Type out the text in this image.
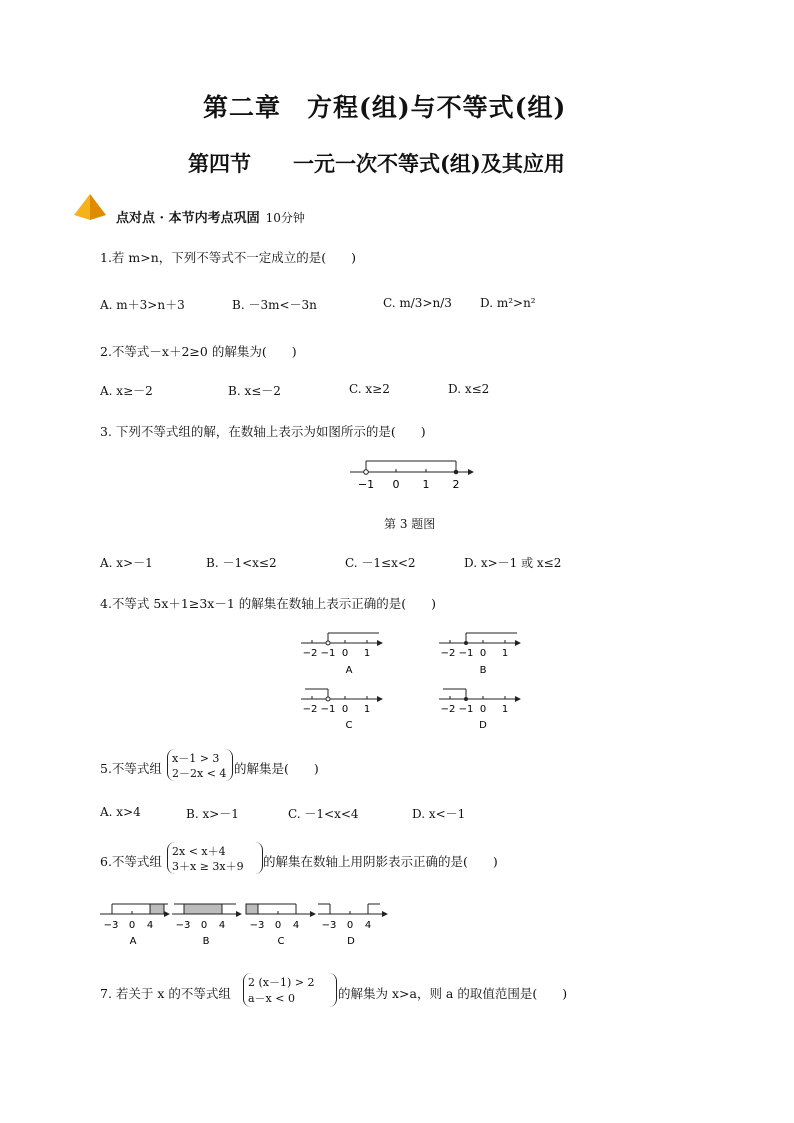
第二章　方程(组)与不等式(组)
第四节　　一元一次不等式(组)及其应用
点对点 · 本节内考点巩固 10分钟
1.若 m>n，下列不等式不一定成立的是(　　)
A. m＋3>n＋3	B. －3m<－3n	C. m/3>n/3 D. m²>n²
2.不等式－x＋2≥0 的解集为(　　)
A. x≥－2	B. x≤－2	C. x≥2	D. x≤2
3. 下列不等式组的解，在数轴上表示为如图所示的是(　　)
−1 0 1 2
第 3 题图
A. x>－1	B. －1<x≤2	C. －1≤x<2	D. x>－1 或 x≤2
4.不等式 5x＋1≥3x－1 的解集在数轴上表示正确的是(　　)
−2 −1 0 1
A
−2 −1 0 1
B
−2 −1 0 1
C
−2 −1 0 1
D
5.不等式组
x－1 > 3
2－2x < 4 的解集是(　　)
A. x>4	B. x>－1	C. －1<x<4	D. x<－1
6.不等式组
2x < x＋4
3＋x ≥ 3x＋9 的解集在数轴上用阴影表示正确的是(　　)
−3 0 4
A
−3 0 4
B
−3 0 4
C
−3 0 4
D
7. 若关于 x 的不等式组
2 (x－1) > 2
a－x < 0	的解集为 x>a，则 a 的取值范围是(　　)
